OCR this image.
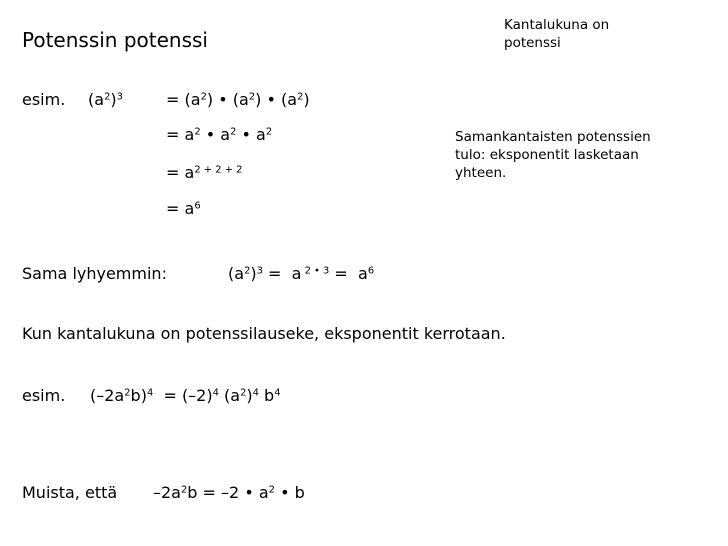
Potenssin potenssi
Kantalukuna on
potenssi
esim. $(a^2)^3$	= $(a^2)$ • $(a^2)$ • $(a^2)$
= $a^2$ • $a^2$ • $a^2$
= $a^{2 + 2 + 2}$
= $a^6$
Samankantaisten potenssien
tulo: eksponentit lasketaan
yhteen.
Sama lyhyemmin:	$(a^2)^3 = a$ $^{2 • 3} = a^6$
Kun kantalukuna on potenssilauseke, eksponentit kerrotaan.
esim. $(-2a^2b)^4 = (-2)^4$ $(a^2)^4$ $b^4$
Muista, että $-2a^2b = -2$ • $a^2$ • b
